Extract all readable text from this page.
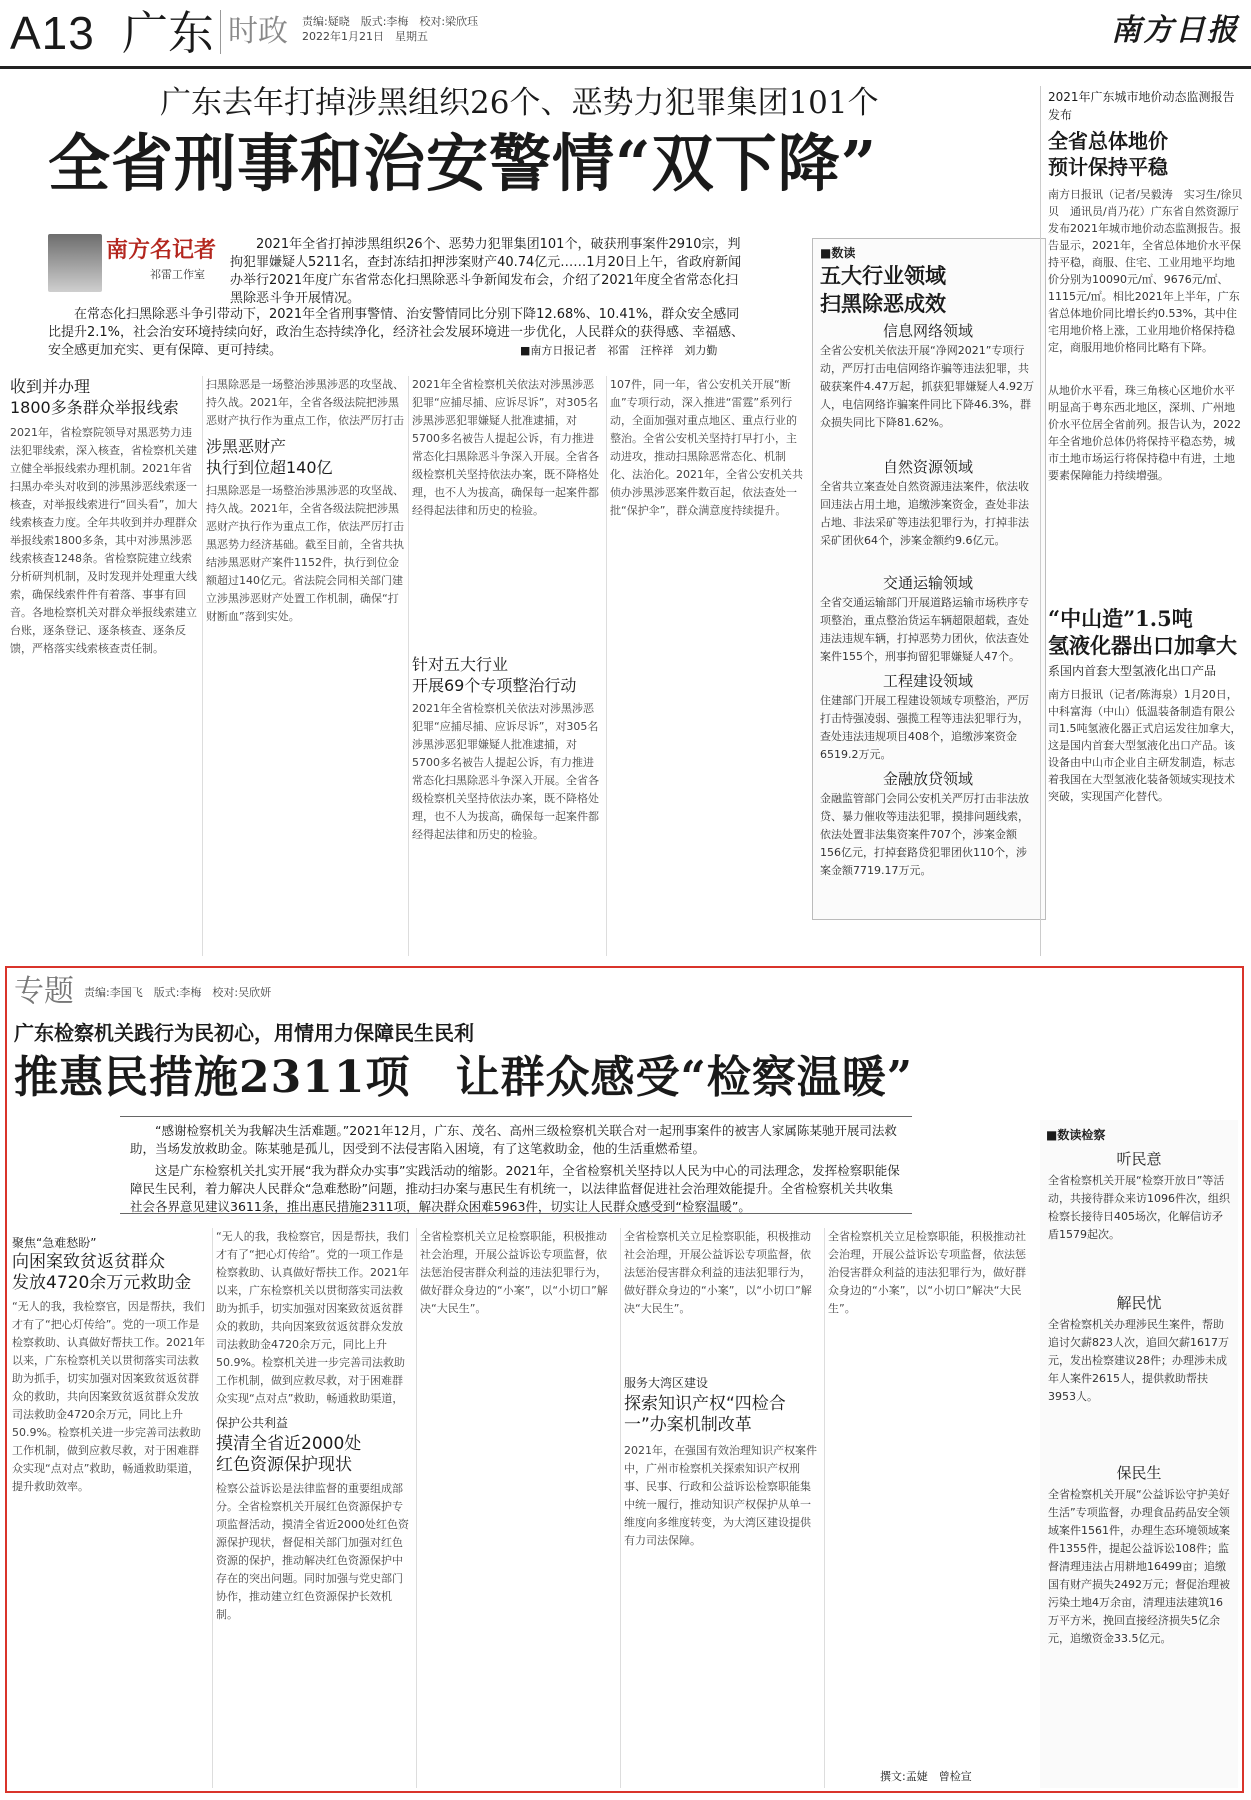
A13 广东 时政 责编:疑晓　版式:李梅　校对:梁欣珏
2022年1月21日　星期五	南方日报
广东去年打掉涉黑组织26个、恶势力犯罪集团101个
全省刑事和治安警情“双下降”
南方名记者
祁雷工作室
2021年全省打掉涉黑组织26个、恶势力犯罪集团101个，破获刑事案件2910宗，判拘犯罪嫌疑人5211名，查封冻结扣押涉案财产40.74亿元……1月20日上午，省政府新闻办举行2021年度广东省常态化扫黑除恶斗争新闻发布会，介绍了2021年度全省常态化扫黑除恶斗争开展情况。
在常态化扫黑除恶斗争引带动下，2021年全省刑事警情、治安警情同比分别下降12.68%、10.41%，群众安全感同比提升2.1%，社会治安环境持续向好，政治生态持续净化，经济社会发展环境进一步优化，人民群众的获得感、幸福感、安全感更加充实、更有保障、更可持续。	■南方日报记者　祁雷　汪梓祥　刘力勤
收到并办理
1800多条群众举报线索
2021年，省检察院领导对黑恶势力违法犯罪线索，深入核查，省检察机关建立健全举报线索办理机制。2021年省扫黑办牵头对收到的涉黑涉恶线索逐一核查，对举报线索进行“回头看”，加大线索核查力度。全年共收到并办理群众举报线索1800多条，其中对涉黑涉恶线索核查1248条。省检察院建立线索分析研判机制，及时发现并处理重大线索，确保线索件件有着落、事事有回音。各地检察机关对群众举报线索建立台账，逐条登记、逐条核查、逐条反馈，严格落实线索核查责任制。
扫黑除恶是一场整治涉黑涉恶的攻坚战、持久战。2021年，全省各级法院把涉黑恶财产执行作为重点工作，依法严厉打击
涉黑恶财产
执行到位超140亿
扫黑除恶是一场整治涉黑涉恶的攻坚战、持久战。2021年，全省各级法院把涉黑恶财产执行作为重点工作，依法严厉打击黑恶势力经济基础。截至目前，全省共执结涉黑恶财产案件1152件，执行到位金额超过140亿元。省法院会同相关部门建立涉黑涉恶财产处置工作机制，确保“打财断血”落到实处。
2021年全省检察机关依法对涉黑涉恶犯罪“应捕尽捕、应诉尽诉”，对305名涉黑涉恶犯罪嫌疑人批准逮捕，对5700多名被告人提起公诉，有力推进常态化扫黑除恶斗争深入开展。全省各级检察机关坚持依法办案，既不降格处理，也不人为拔高，确保每一起案件都经得起法律和历史的检验。
针对五大行业
开展69个专项整治行动
2021年全省检察机关依法对涉黑涉恶犯罪“应捕尽捕、应诉尽诉”，对305名涉黑涉恶犯罪嫌疑人批准逮捕，对5700多名被告人提起公诉，有力推进常态化扫黑除恶斗争深入开展。全省各级检察机关坚持依法办案，既不降格处理，也不人为拔高，确保每一起案件都经得起法律和历史的检验。
107件，同一年，省公安机关开展“断血”专项行动，深入推进“雷霆”系列行动，全面加强对重点地区、重点行业的整治。全省公安机关坚持打早打小，主动进攻，推动扫黑除恶常态化、机制化、法治化。2021年，全省公安机关共侦办涉黑涉恶案件数百起，依法查处一批“保护伞”，群众满意度持续提升。
■数读
五大行业领域
扫黑除恶成效
信息网络领域
全省公安机关依法开展“净网2021”专项行动，严厉打击电信网络诈骗等违法犯罪，共破获案件4.47万起，抓获犯罪嫌疑人4.92万人，电信网络诈骗案件同比下降46.3%，群众损失同比下降81.62%。
自然资源领域
全省共立案查处自然资源违法案件，依法收回违法占用土地，追缴涉案资金，查处非法占地、非法采矿等违法犯罪行为，打掉非法采矿团伙64个，涉案金额约9.6亿元。
交通运输领域
全省交通运输部门开展道路运输市场秩序专项整治，重点整治货运车辆超限超载，查处违法违规车辆，打掉恶势力团伙，依法查处案件155个，刑事拘留犯罪嫌疑人47个。
工程建设领域
住建部门开展工程建设领域专项整治，严厉打击恃强凌弱、强揽工程等违法犯罪行为，查处违法违规项目408个，追缴涉案资金6519.2万元。
金融放贷领域
金融监管部门会同公安机关严厉打击非法放贷、暴力催收等违法犯罪，摸排问题线索，依法处置非法集资案件707个，涉案金额156亿元，打掉套路贷犯罪团伙110个，涉案金额7719.17万元。
2021年广东城市地价动态监测报告发布
全省总体地价
预计保持平稳
南方日报讯（记者/吴毅涛　实习生/徐贝贝　通讯员/肖乃花）广东省自然资源厅发布2021年城市地价动态监测报告。报告显示，2021年，全省总体地价水平保持平稳，商服、住宅、工业用地平均地价分别为10090元/㎡、9676元/㎡、1115元/㎡。相比2021年上半年，广东省总体地价同比增长约0.53%，其中住宅用地价格上涨，工业用地价格保持稳定，商服用地价格同比略有下降。
从地价水平看，珠三角核心区地价水平明显高于粤东西北地区，深圳、广州地价水平位居全省前列。报告认为，2022年全省地价总体仍将保持平稳态势，城市土地市场运行将保持稳中有进，土地要素保障能力持续增强。
“中山造”1.5吨
氢液化器出口加拿大
系国内首套大型氢液化出口产品
南方日报讯（记者/陈海泉）1月20日，中科富海（中山）低温装备制造有限公司1.5吨氢液化器正式启运发往加拿大，这是国内首套大型氢液化出口产品。该设备由中山市企业自主研发制造，标志着我国在大型氢液化装备领域实现技术突破，实现国产化替代。
专题 责编:李国飞　版式:李梅　校对:吴欣妍
广东检察机关践行为民初心，用情用力保障民生民利
推惠民措施2311项　让群众感受“检察温暖”
“感谢检察机关为我解决生活难题。”2021年12月，广东、茂名、高州三级检察机关联合对一起刑事案件的被害人家属陈某驰开展司法救助，当场发放救助金。陈某驰是孤儿，因受到不法侵害陷入困境，有了这笔救助金，他的生活重燃希望。
这是广东检察机关扎实开展“我为群众办实事”实践活动的缩影。2021年，全省检察机关坚持以人民为中心的司法理念，发挥检察职能保障民生民利，着力解决人民群众“急难愁盼”问题，推动扫办案与惠民生有机统一，以法律监督促进社会治理效能提升。全省检察机关共收集社会各界意见建议3611条，推出惠民措施2311项，解决群众困难5963件，切实让人民群众感受到“检察温暖”。
聚焦“急难愁盼”
向困案致贫返贫群众
发放4720余万元救助金
“无人的我，我检察官，因是帮扶，我们才有了“把心灯传给”。党的一项工作是检察救助、认真做好帮扶工作。2021年以来，广东检察机关以贯彻落实司法救助为抓手，切实加强对因案致贫返贫群众的救助，共向因案致贫返贫群众发放司法救助金4720余万元，同比上升50.9%。检察机关进一步完善司法救助工作机制，做到应救尽救，对于困难群众实现“点对点”救助，畅通救助渠道，提升救助效率。
“无人的我，我检察官，因是帮扶，我们才有了“把心灯传给”。党的一项工作是检察救助、认真做好帮扶工作。2021年以来，广东检察机关以贯彻落实司法救助为抓手，切实加强对因案致贫返贫群众的救助，共向因案致贫返贫群众发放司法救助金4720余万元，同比上升50.9%。检察机关进一步完善司法救助工作机制，做到应救尽救，对于困难群众实现“点对点”救助，畅通救助渠道，
保护公共利益
摸清全省近2000处
红色资源保护现状
检察公益诉讼是法律监督的重要组成部分。全省检察机关开展红色资源保护专项监督活动，摸清全省近2000处红色资源保护现状，督促相关部门加强对红色资源的保护，推动解决红色资源保护中存在的突出问题。同时加强与党史部门协作，推动建立红色资源保护长效机制。
全省检察机关立足检察职能，积极推动社会治理，开展公益诉讼专项监督，依法惩治侵害群众利益的违法犯罪行为，做好群众身边的“小案”，以“小切口”解决“大民生”。
全省检察机关立足检察职能，积极推动社会治理，开展公益诉讼专项监督，依法惩治侵害群众利益的违法犯罪行为，做好群众身边的“小案”，以“小切口”解决“大民生”。
服务大湾区建设
探索知识产权“四检合一”办案机制改革
2021年，在强国有效治理知识产权案件中，广州市检察机关探索知识产权刑事、民事、行政和公益诉讼检察职能集中统一履行，推动知识产权保护从单一维度向多维度转变，为大湾区建设提供有力司法保障。
全省检察机关立足检察职能，积极推动社会治理，开展公益诉讼专项监督，依法惩治侵害群众利益的违法犯罪行为，做好群众身边的“小案”，以“小切口”解决“大民生”。
撰文:孟婕　曾检宣
■数读检察
听民意
全省检察机关开展“检察开放日”等活动，共接待群众来访1096件次，组织检察长接待日405场次，化解信访矛盾1579起次。
解民忧
全省检察机关办理涉民生案件，帮助追讨欠薪823人次，追回欠薪1617万元，发出检察建议28件；办理涉未成年人案件2615人，提供救助帮扶3953人。
保民生
全省检察机关开展“公益诉讼守护美好生活”专项监督，办理食品药品安全领域案件1561件，办理生态环境领域案件1355件，提起公益诉讼108件；监督清理违法占用耕地16499亩；追缴国有财产损失2492万元；督促治理被污染土地4万余亩，清理违法建筑16万平方米，挽回直接经济损失5亿余元，追缴资金33.5亿元。
